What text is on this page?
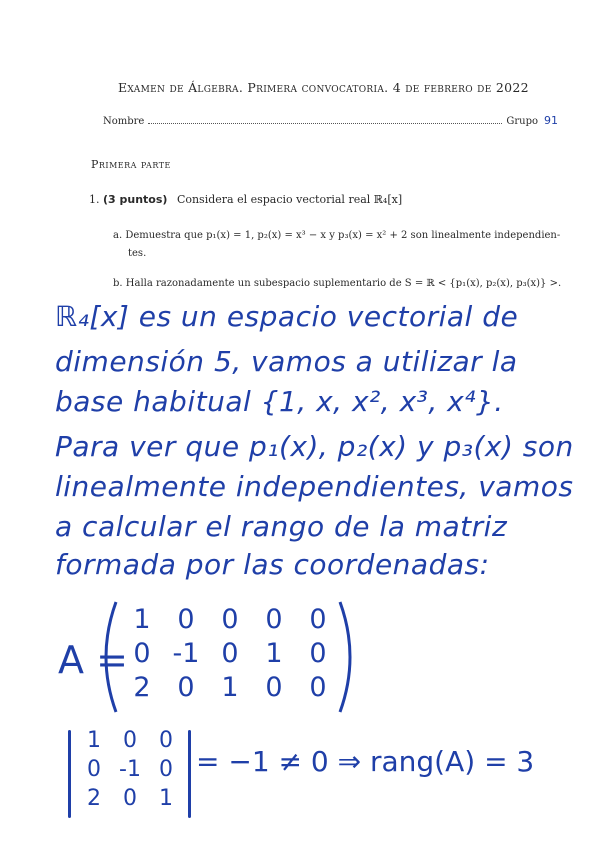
Examen de Álgebra. Primera convocatoria. 4 de febrero de 2022
Nombre	Grupo 91
Primera parte
1. (3 puntos) Considera el espacio vectorial real ℝ₄[x]
a. Demuestra que p₁(x) = 1, p₂(x) = x³ − x y p₃(x) = x² + 2 son linealmente independien-
tes.
b. Halla razonadamente un subespacio suplementario de S = ℝ < {p₁(x), p₂(x), p₃(x)} >.
ℝ₄[x] es un espacio vectorial de
dimensión 5, vamos a utilizar la
base habitual {1, x, x², x³, x⁴}.
Para ver que p₁(x), p₂(x) y p₃(x) son
linealmente independientes, vamos
a calcular el rango de la matriz
formada por las coordenadas:
A =
1 0 0 0 0
0 -1 0 1 0
2 0 1 0 0
1	0	0
0 -1 0
2	0	1
= −1 ≠ 0 ⇒ rang(A) = 3
